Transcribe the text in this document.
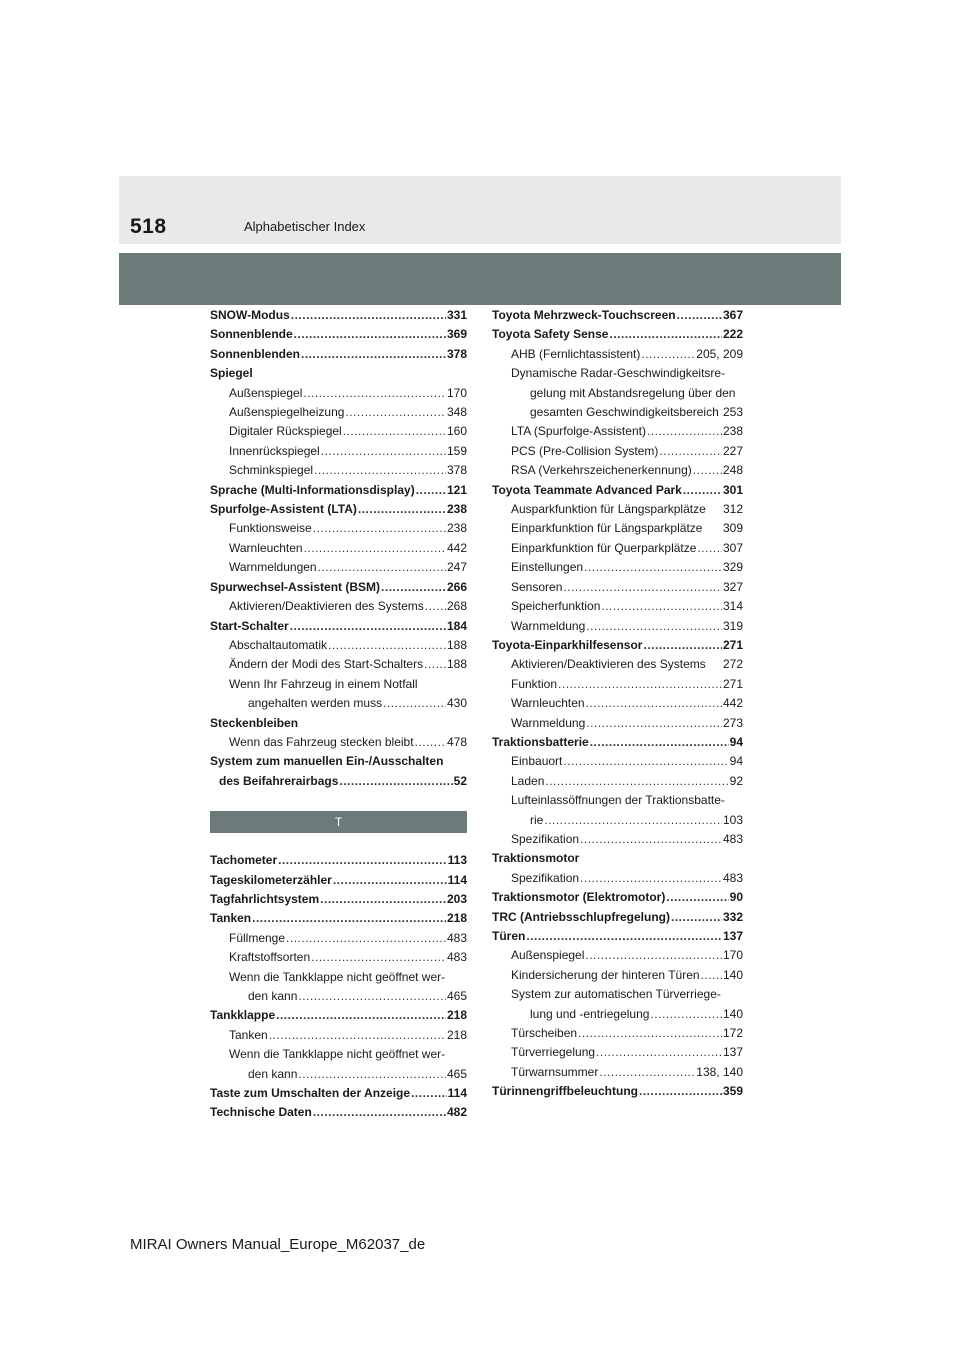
518	Alphabetischer Index
SNOW-Modus .....	331
Sonnenblende .....	369
Sonnenblenden .....	378
Spiegel
Außenspiegel .....	170
Außenspiegelheizung .....	348
Digitaler Rückspiegel .....	160
Innenrückspiegel .....	159
Schminkspiegel .....	378
Sprache (Multi-Informationsdisplay) .....	121
Spurfolge-Assistent (LTA) .....	238
Funktionsweise .....	238
Warnleuchten .....	442
Warnmeldungen .....	247
Spurwechsel-Assistent (BSM) .....	266
Aktivieren/Deaktivieren des Systems ..... 268
Start-Schalter .....	184
Abschaltautomatik .....	188
Ändern der Modi des Start-Schalters ..... 188
Wenn Ihr Fahrzeug in einem Notfall
angehalten werden muss .....	430
Steckenbleiben
Wenn das Fahrzeug stecken bleibt .....	478
System zum manuellen Ein-/Ausschalten
des Beifahrerairbags .....	52
T
Tachometer .....	113
Tageskilometerzähler .....	114
Tagfahrlichtsystem .....	203
Tanken .....	218
Füllmenge .....	483
Kraftstoffsorten .....	483
Wenn die Tankklappe nicht geöffnet wer-
den kann .....	465
Tankklappe .....	218
Tanken .....	218
Wenn die Tankklappe nicht geöffnet wer-
den kann .....	465
Taste zum Umschalten der Anzeige .....	114
Technische Daten .....	482
Toyota Mehrzweck-Touchscreen .....	367
Toyota Safety Sense .....	222
AHB (Fernlichtassistent) .....	205, 209
Dynamische Radar-Geschwindigkeitsre-
gelung mit Abstandsregelung über den
gesamten Geschwindigkeitsbereich 253
LTA (Spurfolge-Assistent) .....	238
PCS (Pre-Collision System) .....	227
RSA (Verkehrszeichenerkennung) .....	248
Toyota Teammate Advanced Park .....	301
Ausparkfunktion für Längsparkplätze 312
Einparkfunktion für Längsparkplätze 309
Einparkfunktion für Querparkplätze ..... 307
Einstellungen .....	329
Sensoren .....	327
Speicherfunktion .....	314
Warnmeldung .....	319
Toyota-Einparkhilfesensor .....	271
Aktivieren/Deaktivieren des Systems 272
Funktion .....	271
Warnleuchten .....	442
Warnmeldung .....	273
Traktionsbatterie .....	94
Einbauort .....	94
Laden .....	92
Lufteinlassöffnungen der Traktionsbatte-
rie .....	103
Spezifikation .....	483
Traktionsmotor
Spezifikation .....	483
Traktionsmotor (Elektromotor) .....	90
TRC (Antriebsschlupfregelung) .....	332
Türen .....	137
Außenspiegel .....	170
Kindersicherung der hinteren Türen ..... 140
System zur automatischen Türverriege-
lung und -entriegelung .....	140
Türscheiben .....	172
Türverriegelung .....	137
Türwarnsummer .....	138, 140
Türinnengriffbeleuchtung .....	359
MIRAI Owners Manual_Europe_M62037_de
